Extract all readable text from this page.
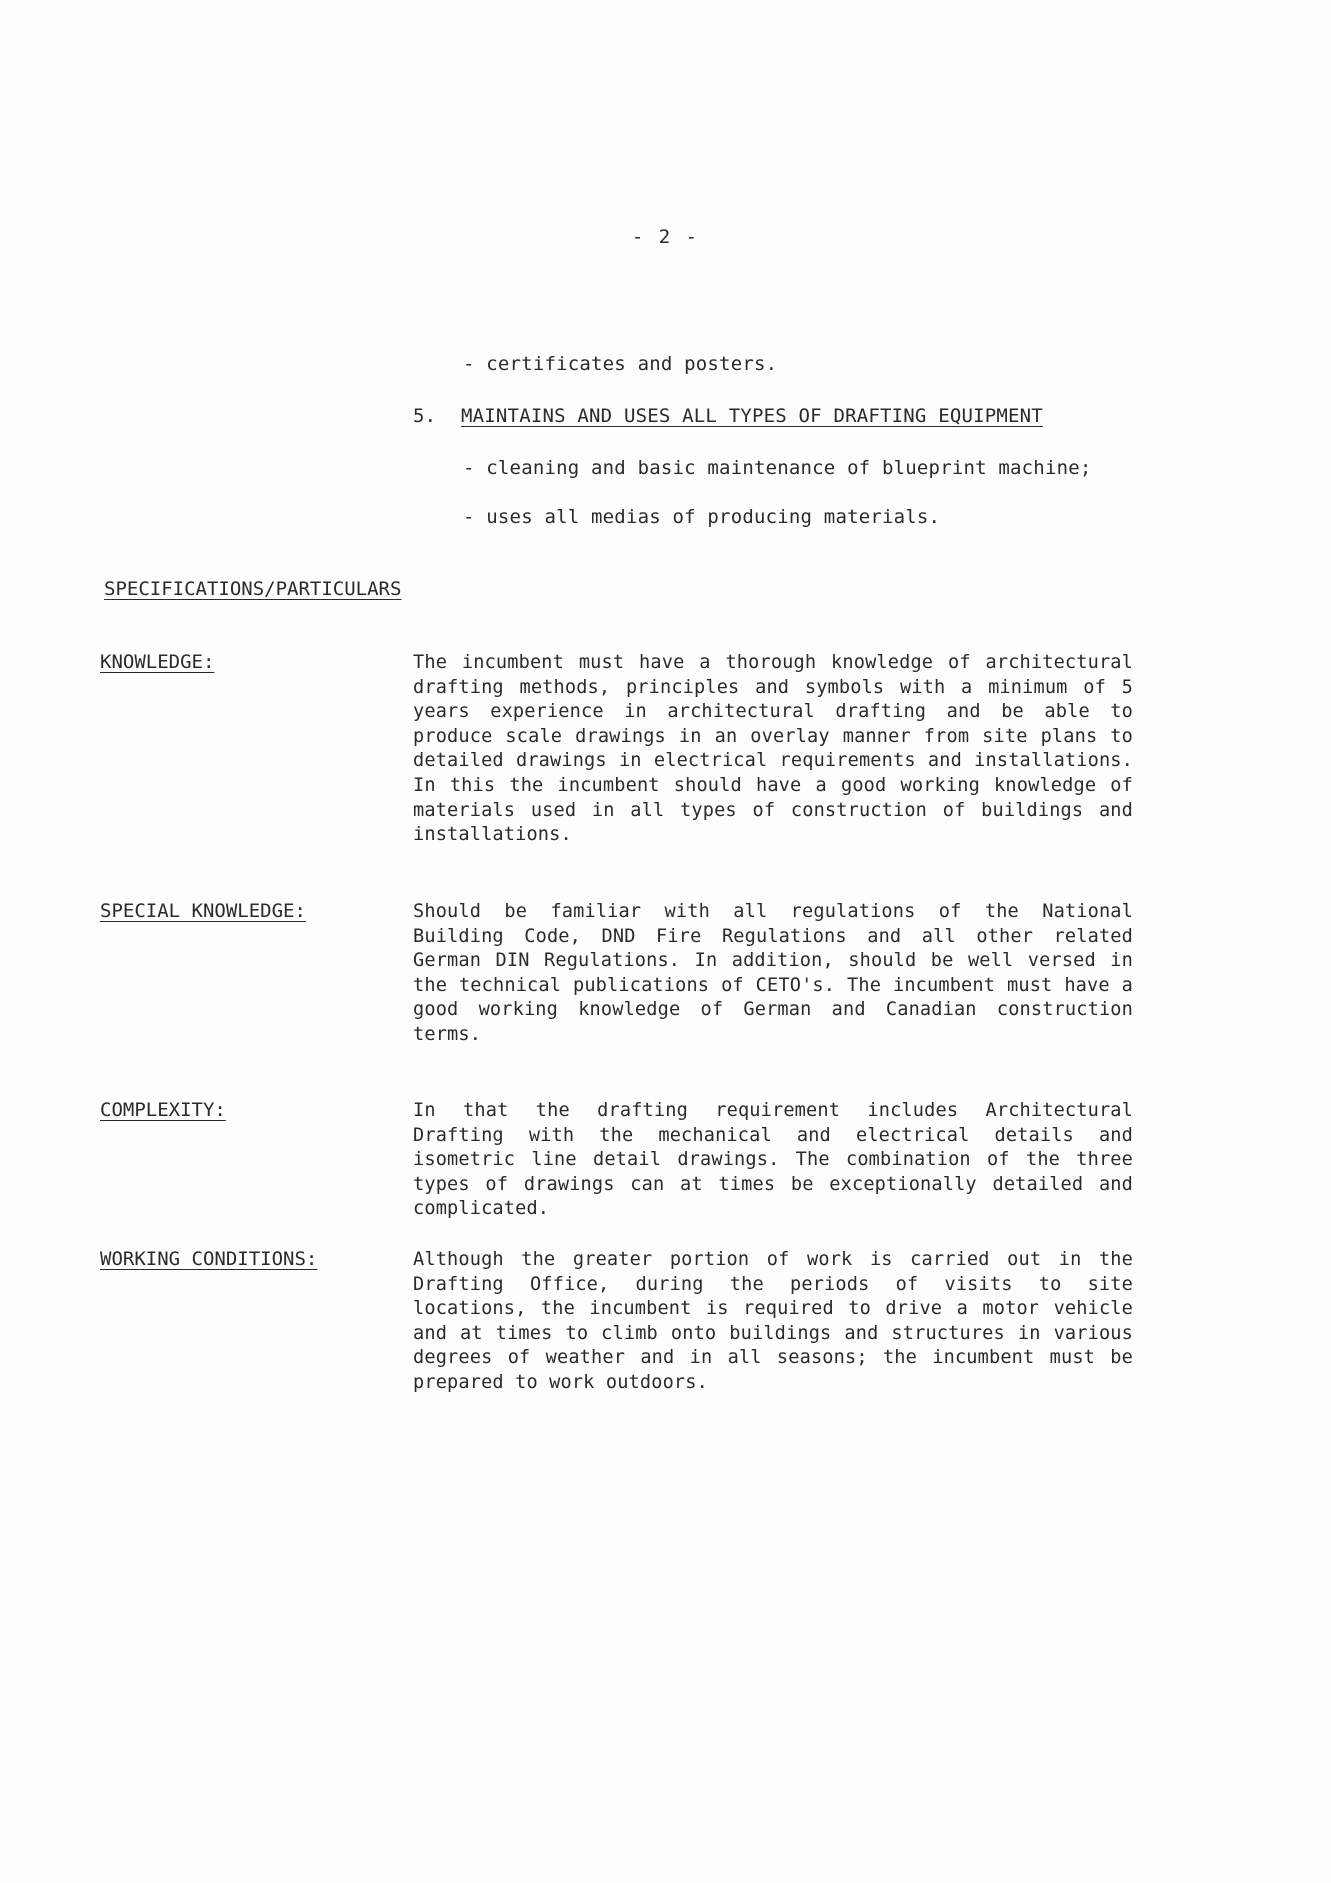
- 2 -
- certificates and posters.
5. MAINTAINS AND USES ALL TYPES OF DRAFTING EQUIPMENT
- cleaning and basic maintenance of blueprint machine;
- uses all medias of producing materials.
SPECIFICATIONS/PARTICULARS
KNOWLEDGE:	The incumbent must have a thorough knowledge of architectural drafting methods, principles and symbols with a minimum of 5 years experience in architectural drafting and be able to produce scale drawings in an overlay manner from site plans to detailed drawings in electrical requirements and installations. In this the incumbent should have a good working knowledge of materials used in all types of construction of buildings and installations.
SPECIAL KNOWLEDGE:	Should be familiar with all regulations of the National Building Code, DND Fire Regulations and all other related German DIN Regulations. In addition, should be well versed in the technical publications of CETO's. The incumbent must have a good working knowledge of German and Canadian construction terms.
COMPLEXITY:	In that the drafting requirement includes Architectural Drafting with the mechanical and electrical details and isometric line detail drawings. The combination of the three types of drawings can at times be exceptionally detailed and complicated.
WORKING CONDITIONS:	Although the greater portion of work is carried out in the Drafting Office, during the periods of visits to site locations, the incumbent is required to drive a motor vehicle and at times to climb onto buildings and structures in various degrees of weather and in all seasons; the incumbent must be prepared to work outdoors.
